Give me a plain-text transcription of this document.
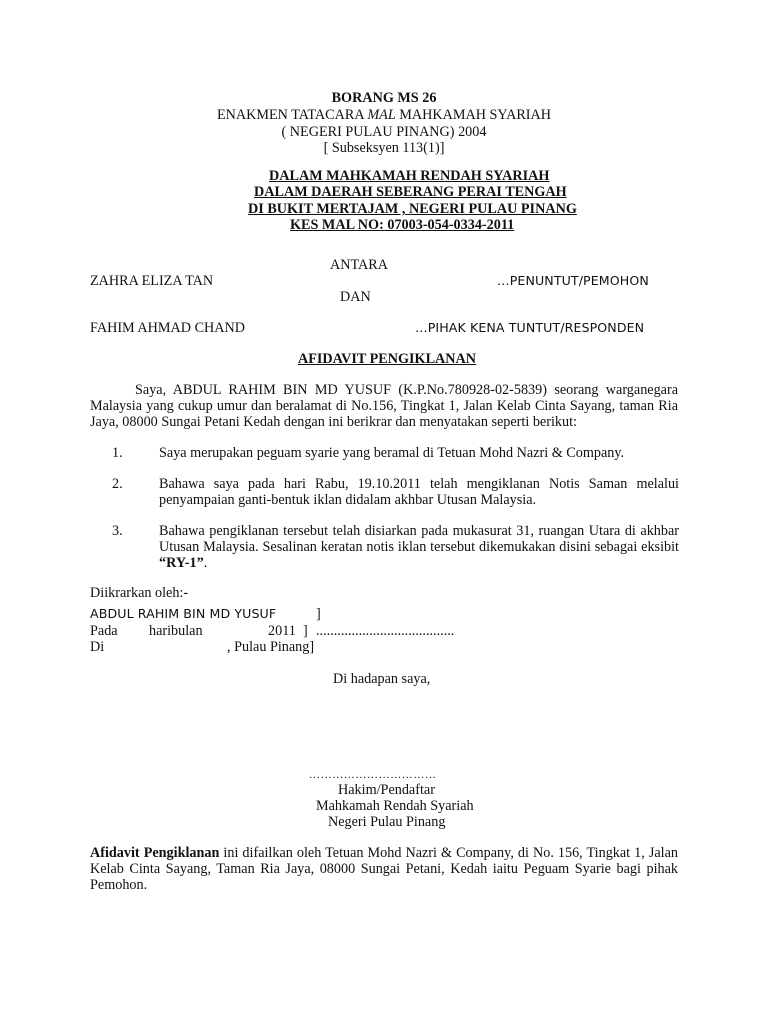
BORANG MS 26
ENAKMEN TATACARA MAL MAHKAMAH SYARIAH
( NEGERI PULAU PINANG) 2004
[ Subseksyen 113(1)]
DALAM MAHKAMAH RENDAH SYARIAH
DALAM DAERAH SEBERANG PERAI TENGAH
DI BUKIT MERTAJAM , NEGERI PULAU PINANG
KES MAL NO: 07003-054-0334-2011
ANTARA
ZAHRA ELIZA TAN	…PENUNTUT/PEMOHON
DAN
FAHIM AHMAD CHAND	…PIHAK KENA TUNTUT/RESPONDEN
AFIDAVIT PENGIKLANAN
Saya, ABDUL RAHIM BIN MD YUSUF (K.P.No.780928-02-5839) seorang warganegara
Malaysia yang cukup umur dan beralamat di No.156, Tingkat 1, Jalan Kelab Cinta Sayang, taman Ria
Jaya, 08000 Sungai Petani Kedah dengan ini berikrar dan menyatakan seperti berikut:
1.	Saya merupakan peguam syarie yang beramal di Tetuan Mohd Nazri & Company.
2.	Bahawa saya pada hari Rabu, 19.10.2011 telah mengiklanan Notis Saman melalui
penyampaian ganti-bentuk iklan didalam akhbar Utusan Malaysia.
3.	Bahawa pengiklanan tersebut telah disiarkan pada mukasurat 31, ruangan Utara di akhbar
Utusan Malaysia. Sesalinan keratan notis iklan tersebut dikemukakan disini sebagai eksibit
“RY-1”.
Diikrarkan oleh:-
ABDUL RAHIM BIN MD YUSUF	]
Pada haribulan	2011 ] .......................................
Di	, Pulau Pinang]
Di hadapan saya,
……………………………
Hakim/Pendaftar
Mahkamah Rendah Syariah
Negeri Pulau Pinang
Afidavit Pengiklanan ini difailkan oleh Tetuan Mohd Nazri & Company, di No. 156, Tingkat 1, Jalan
Kelab Cinta Sayang, Taman Ria Jaya, 08000 Sungai Petani, Kedah iaitu Peguam Syarie bagi pihak
Pemohon.
